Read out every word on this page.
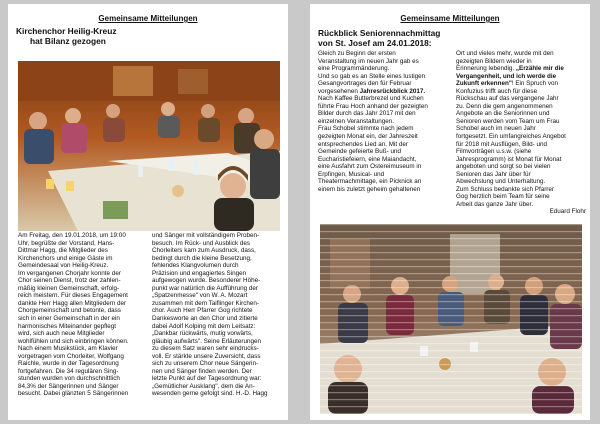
Gemeinsame Mitteilungen
Kirchenchor Heilig-Kreuz
hat Bilanz gezogen

Am Freitag, den 19.01.2018, um 19:00

Uhr, begrüßte der Vorstand, Hans-

Dittmar Hagg, die Mitglieder des

Kirchenchors und einige Gäste im

Gemeindesaal von Heilig-Kreuz.

Im vergangenen Chorjahr konnte der

Chor seinen Dienst, trotz der zahlen-

mäßig kleinen Gemeinschaft, erfolg-

reich meistern. Für dieses Engagement

dankte Herr Hagg allen Mitgliedern der

Chorgemeinschaft und betonte, dass

sich in einer Gemeinschaft in der ein

harmonisches Miteinander gepflegt

wird, sich auch neue Mitglieder

wohlfühlen und sich einbringen können.

Nach einem Musikstück, am Klavier

vorgetragen vom Chorleiter, Wolfgang

Raichle, wurde in der Tagesordnung

fortgefahren. Die 34 regulären Sing-

stunden wurden von durchschnittlich

84,3% der Sängerinnen und Sänger

besucht. Dabei glänzten 5 Sängerinnen

und Sänger mit vollständigem Proben-

besuch. Im Rück- und Ausblick des

Chorleiters kam zum Ausdruck, dass,

bedingt durch die kleine Besetzung,

fehlendes Klangvolumen durch

Präzision und engagiertes Singen

aufgewogen wurde. Besonderer Höhe-

punkt war natürlich die Aufführung der

„Spatzenmesse" von W. A. Mozart

zusammen mit dem Taiflinger Kirchen-

chor. Auch Herr Pfarrer Gog richtete

Dankesworte an den Chor und zitierte

dabei Adolf Kolping mit dem Leitsatz:

„Dankbar rückwärts, mutig vorwärts,

gläubig aufwärts". Seine Erläuterungen

zu diesem Satz waren sehr eindrucks-

voll. Er stärkte unsere Zuversicht, dass

sich zu unserem Chor neue Sängerin-

nen und Sänger finden werden. Der

letzte Punkt auf der Tagesordnung war:

„Gemütlicher Ausklang", dem die An-

wesenden gerne gefolgt sind. H.-D. Hagg

Gemeinsame Mitteilungen
Rückblick Seniorennachmittag
von St. Josef am 24.01.2018:

Gleich zu Beginn der ersten

Veranstaltung im neuen Jahr gab es

eine Programmänderung.

Und so gab es an Stelle eines lustigen

Gesangvortrages den für Februar

vorgesehenen Jahresrückblick 2017.

Nach Kaffee Butterbrezel und Kuchen

führte Frau Hoch anhand der gezeigten

Bilder durch das Jahr 2017 mit den

einzelnen Veranstaltungen.

Frau Schobel stimmte nach jedem

gezeigten Monat ein, der Jahreszeit

entsprechendes Lied an. Mit der

Gemeinde gefeierte Buß- und

Eucharistiefeiern, eine Maiandacht,

eine Ausfahrt zum Ostereimuseum in

Erpfingen, Musical- und

Theatermachmittage, ein Picknick an

einem bis zuletzt geheim gehaltenen

Ort und vieles mehr, wurde mit den

gezeigten Bildern wieder in

Erinnerung lebendig. „Erzähle mir die

Vergangenheit, und ich werde die

Zukunft erkennen"! Ein Spruch von

Konfuzius trifft auch für diese

Rückschau auf das vergangene Jahr

zu. Denn die gem angenommenen

Angebote an die Seniorinnen und

Senioren werden vom Team um Frau

Schobel auch im neuen Jahr

fortgesetzt. Ein umfangreiches Angebot

für 2018 mit Ausflügen, Bild- und

Filmvorträgen u.s.w. (siehe

Jahresprogramm) ist Monat für Monat

angeboten und sorgt so bei vielen

Senioren das Jahr über für

Abwechslung und Unterhaltung.

Zum Schluss bedankte sich Pfarrer

Gog herzlich beim Team für seine

Arbeit das ganze Jahr über.

Eduard Flohr
